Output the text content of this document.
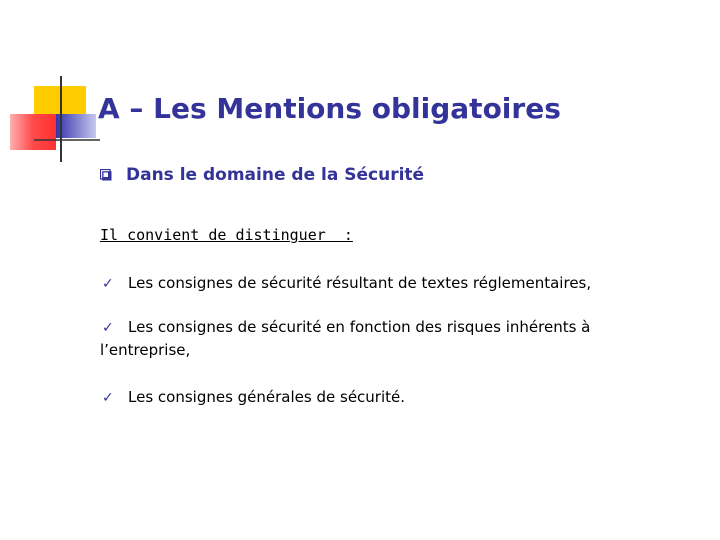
A – Les Mentions obligatoires
Dans le domaine de la Sécurité
Il convient de distinguer  :
✓ Les consignes de sécurité résultant de textes réglementaires,
✓ Les consignes de sécurité en fonction des risques inhérents à l’entreprise,
✓ Les consignes générales de sécurité.
